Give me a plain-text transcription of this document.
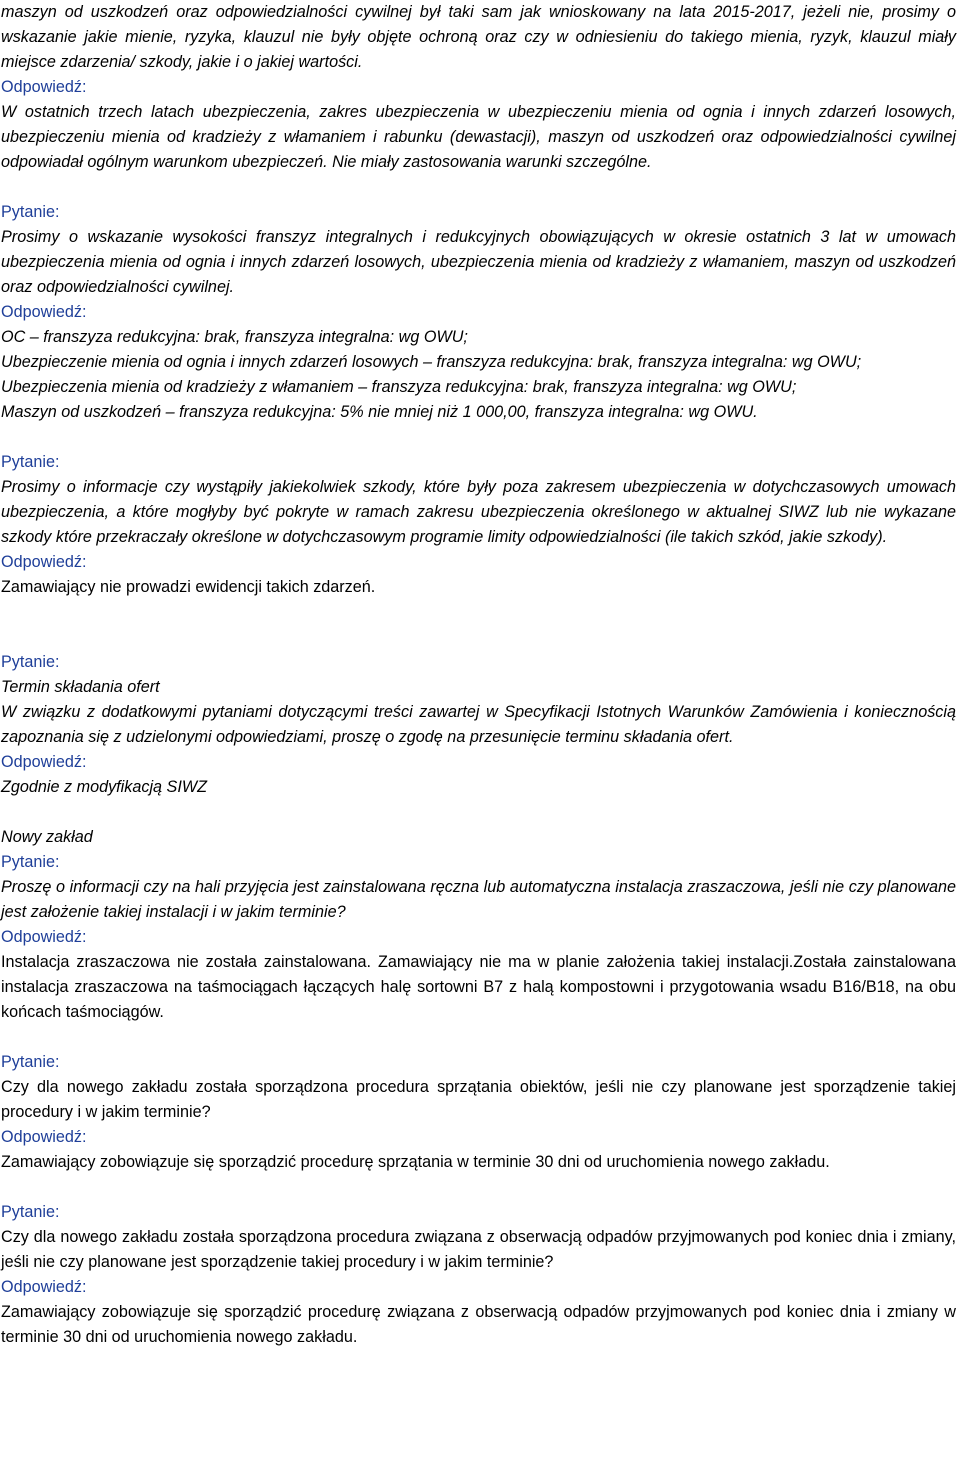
maszyn od uszkodzeń oraz odpowiedzialności cywilnej był taki sam jak wnioskowany na lata 2015-2017, jeżeli nie, prosimy o wskazanie jakie mienie, ryzyka, klauzul nie były objęte ochroną oraz czy w odniesieniu do takiego mienia, ryzyk, klauzul miały miejsce zdarzenia/ szkody, jakie i o jakiej wartości.

Odpowiedź:

W ostatnich trzech latach ubezpieczenia, zakres ubezpieczenia w ubezpieczeniu mienia od ognia i innych zdarzeń losowych, ubezpieczeniu mienia od kradzieży z włamaniem i rabunku (dewastacji), maszyn od uszkodzeń oraz odpowiedzialności cywilnej odpowiadał ogólnym warunkom ubezpieczeń. Nie miały zastosowania warunki szczególne.

Pytanie:

Prosimy o wskazanie wysokości franszyz integralnych i redukcyjnych obowiązujących w okresie ostatnich 3 lat w umowach ubezpieczenia mienia od ognia i innych zdarzeń losowych, ubezpieczenia mienia od kradzieży z włamaniem, maszyn od uszkodzeń oraz odpowiedzialności cywilnej.

Odpowiedź:

OC – franszyza redukcyjna: brak, franszyza integralna: wg OWU;

Ubezpieczenie mienia od ognia i innych zdarzeń losowych – franszyza redukcyjna: brak, franszyza integralna: wg OWU;

Ubezpieczenia mienia od kradzieży z włamaniem – franszyza redukcyjna: brak, franszyza integralna: wg OWU;

Maszyn od uszkodzeń – franszyza redukcyjna: 5% nie mniej niż 1 000,00, franszyza integralna: wg OWU.

Pytanie:

Prosimy o informacje czy wystąpiły jakiekolwiek szkody, które były poza zakresem ubezpieczenia w dotychczasowych umowach ubezpieczenia, a które mogłyby być pokryte w ramach zakresu ubezpieczenia określonego w aktualnej SIWZ lub nie wykazane szkody które przekraczały określone w dotychczasowym programie limity odpowiedzialności (ile takich szkód, jakie szkody).

Odpowiedź:

Zamawiający nie prowadzi ewidencji takich zdarzeń.

Pytanie:

Termin składania ofert

W związku z dodatkowymi pytaniami dotyczącymi treści zawartej w Specyfikacji Istotnych Warunków Zamówienia i koniecznością zapoznania się z udzielonymi odpowiedziami, proszę o zgodę na przesunięcie terminu składania ofert.

Odpowiedź:

Zgodnie z modyfikacją SIWZ

Nowy zakład

Pytanie:

Proszę o informacji czy na hali przyjęcia jest zainstalowana ręczna lub automatyczna instalacja zraszaczowa, jeśli nie czy planowane jest założenie takiej instalacji i w jakim terminie?

Odpowiedź:

Instalacja zraszaczowa nie została zainstalowana. Zamawiający nie ma w planie założenia takiej instalacji.Została zainstalowana instalacja zraszaczowa na taśmociągach łączących halę sortowni B7 z halą kompostowni i przygotowania wsadu B16/B18, na obu końcach taśmociągów.

Pytanie:

Czy dla nowego zakładu została sporządzona procedura sprzątania obiektów, jeśli nie czy planowane jest sporządzenie takiej procedury i w jakim terminie?

Odpowiedź:

Zamawiający zobowiązuje się sporządzić procedurę sprzątania w terminie 30 dni od uruchomienia nowego zakładu.

Pytanie:

Czy dla nowego zakładu została sporządzona procedura związana z obserwacją odpadów przyjmowanych pod koniec dnia i zmiany, jeśli nie czy planowane jest sporządzenie takiej procedury i w jakim terminie?

Odpowiedź:

Zamawiający zobowiązuje się sporządzić procedurę związana z obserwacją odpadów przyjmowanych pod koniec dnia i zmiany w terminie 30 dni od uruchomienia nowego zakładu.
